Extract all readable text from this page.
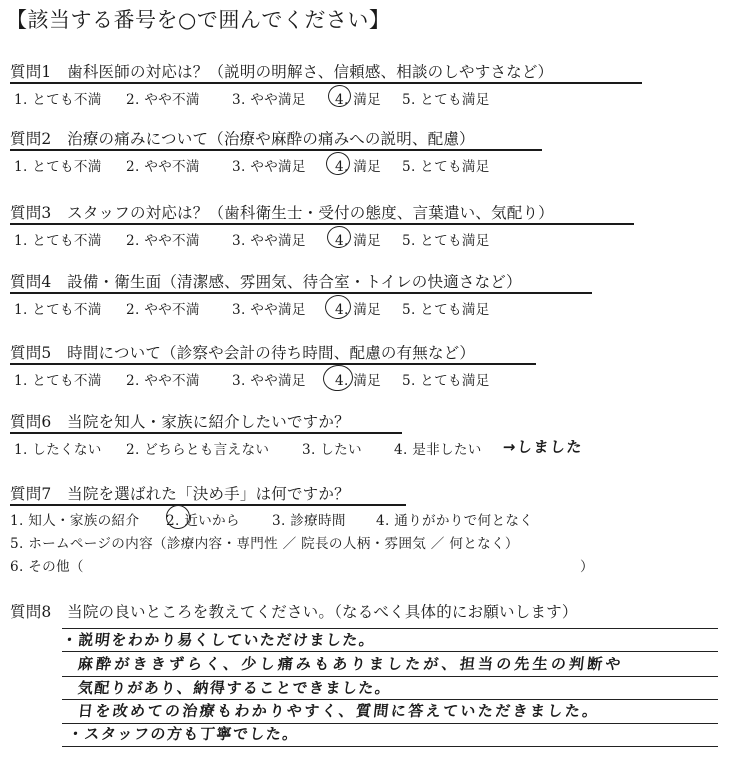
【該当する番号を○で囲んでください】
質問1　歯科医師の対応は？（説明の明解さ、信頼感、相談のしやすさなど）
1. とても不満 2. やや不満 3. やや満足 4. 満足 5. とても満足
質問2　治療の痛みについて（治療や麻酔の痛みへの説明、配慮）
1. とても不満 2. やや不満 3. やや満足 4. 満足 5. とても満足
質問3　スタッフの対応は？（歯科衛生士・受付の態度、言葉遣い、気配り）
1. とても不満 2. やや不満 3. やや満足 4. 満足 5. とても満足
質問4　設備・衛生面（清潔感、雰囲気、待合室・トイレの快適さなど）
1. とても不満 2. やや不満 3. やや満足 4. 満足 5. とても満足
質問5　時間について（診察や会計の待ち時間、配慮の有無など）
1. とても不満 2. やや不満 3. やや満足 4. 満足 5. とても満足
質問6　当院を知人・家族に紹介したいですか？
1. したくない 2. どちらとも言えない 3. したい 4. 是非したい →しました
質問7　当院を選ばれた「決め手」は何ですか？
1. 知人・家族の紹介 2. 近いから 3. 診療時間 4. 通りがかりで何となく
5. ホームページの内容（診療内容・専門性 ／ 院長の人柄・雰囲気 ／ 何となく）
6. その他（	）
質問8　当院の良いところを教えてください。（なるべく具体的にお願いします）
・説明をわかり易くしていただけました。
麻酔がききずらく、少し痛みもありましたが、担当の先生の判断や
気配りがあり、納得することできました。
日を改めての治療もわかりやすく、質問に答えていただきました。
・スタッフの方も丁寧でした。
